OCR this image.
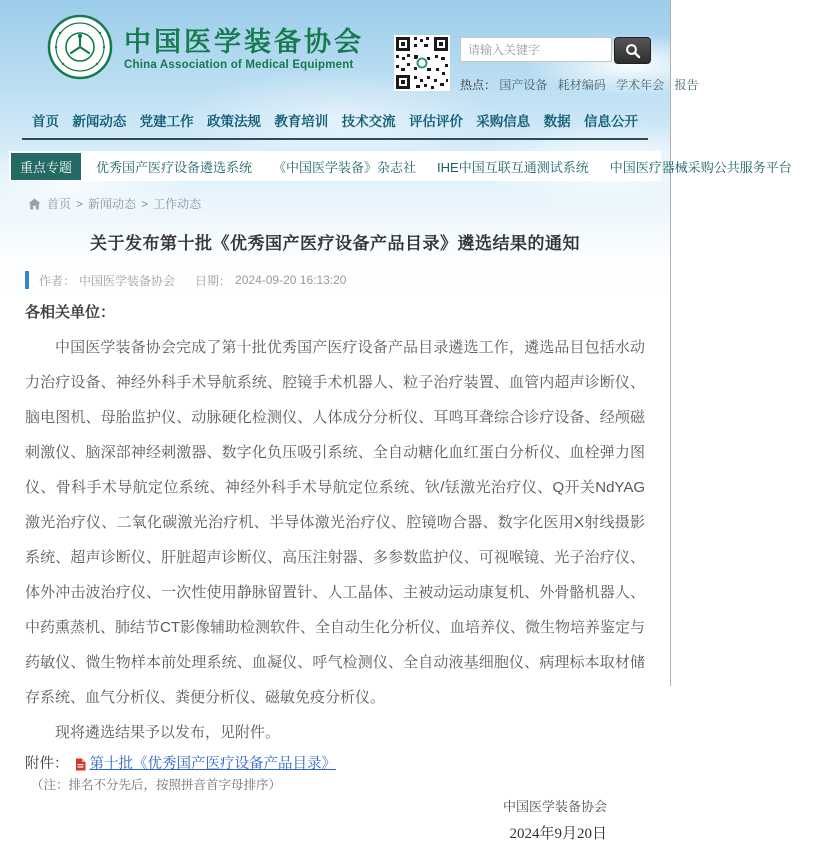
中国医学装备协会
China Association of Medical Equipment
请输入关键字
热点： 国产设备 耗材编码 学术年会 报告
首页 新闻动态 党建工作 政策法规 教育培训 技术交流 评估评价 采购信息 数据 信息公开
重点专题	优秀国产医疗设备遴选系统 《中国医学装备》杂志社 IHE中国互联互通测试系统 中国医疗器械采购公共服务平台
首页 > 新闻动态 > 工作动态
关于发布第十批《优秀国产医疗设备产品目录》遴选结果的通知
作者： 中国医学装备协会 日期： 2024-09-20 16:13:20
各相关单位：
中国医学装备协会完成了第十批优秀国产医疗设备产品目录遴选工作，遴选品目包括水动力治疗设备、神经外科手术导航系统、腔镜手术机器人、粒子治疗装置、血管内超声诊断仪、脑电图机、母胎监护仪、动脉硬化检测仪、人体成分分析仪、耳鸣耳聋综合诊疗设备、经颅磁刺激仪、脑深部神经刺激器、数字化负压吸引系统、全自动糖化血红蛋白分析仪、血栓弹力图仪、骨科手术导航定位系统、神经外科手术导航定位系统、钬/铥激光治疗仪、Q开关NdYAG激光治疗仪、二氧化碳激光治疗机、半导体激光治疗仪、腔镜吻合器、数字化医用X射线摄影系统、超声诊断仪、肝脏超声诊断仪、高压注射器、多参数监护仪、可视喉镜、光子治疗仪、体外冲击波治疗仪、一次性使用静脉留置针、人工晶体、主被动运动康复机、外骨骼机器人、中药熏蒸机、肺结节CT影像辅助检测软件、全自动生化分析仪、血培养仪、微生物培养鉴定与药敏仪、微生物样本前处理系统、血凝仪、呼气检测仪、全自动液基细胞仪、病理标本取材储存系统、血气分析仪、粪便分析仪、磁敏免疫分析仪。
现将遴选结果予以发布，见附件。
附件： 第十批《优秀国产医疗设备产品目录》
（注：排名不分先后，按照拼音首字母排序）
中国医学装备协会
2024年9月20日
